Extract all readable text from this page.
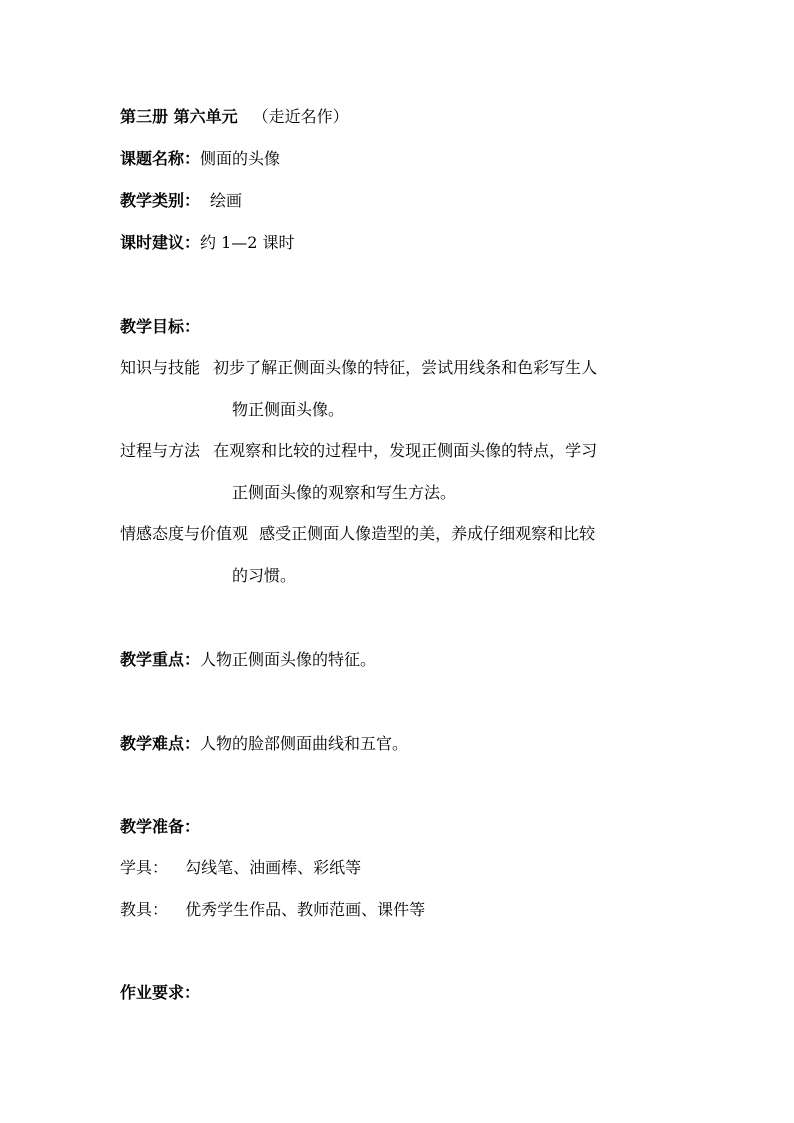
第三册 第六单元 （走近名作）
课题名称：侧面的头像
教学类别： 绘画
课时建议：约 1—2 课时
教学目标：
知识与技能 初步了解正侧面头像的特征，尝试用线条和色彩写生人
物正侧面头像。
过程与方法 在观察和比较的过程中，发现正侧面头像的特点，学习
正侧面头像的观察和写生方法。
情感态度与价值观 感受正侧面人像造型的美，养成仔细观察和比较
的习惯。
教学重点：人物正侧面头像的特征。
教学难点：人物的脸部侧面曲线和五官。
教学准备：
学具： 勾线笔、油画棒、彩纸等
教具： 优秀学生作品、教师范画、课件等
作业要求：
